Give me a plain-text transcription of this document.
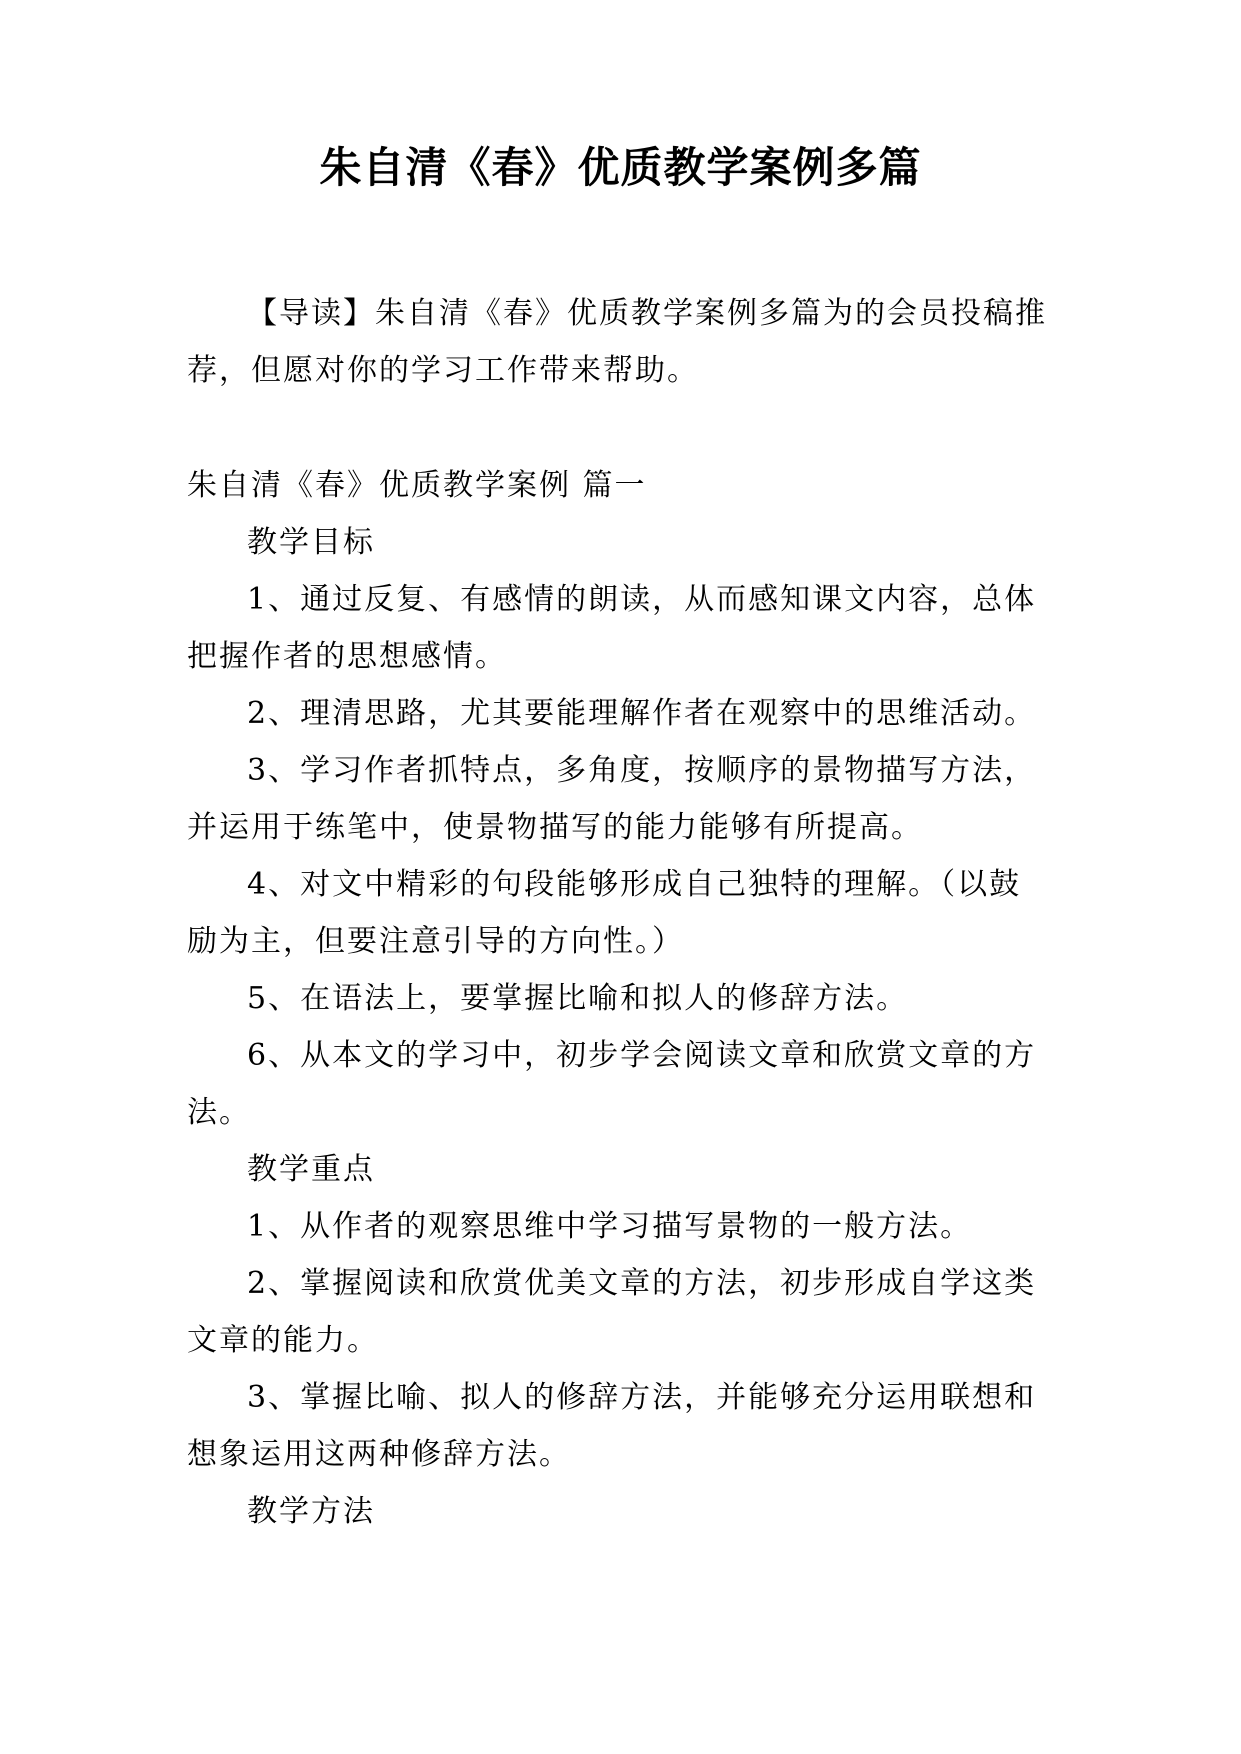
朱自清《春》优质教学案例多篇

【导读】朱自清《春》优质教学案例多篇为的会员投稿推荐，但愿对你的学习工作带来帮助。

朱自清《春》优质教学案例 篇一

教学目标

1、通过反复、有感情的朗读，从而感知课文内容，总体把握作者的思想感情。

2、理清思路，尤其要能理解作者在观察中的思维活动。

3、学习作者抓特点，多角度，按顺序的景物描写方法，并运用于练笔中，使景物描写的能力能够有所提高。

4、对文中精彩的句段能够形成自己独特的理解。（以鼓励为主，但要注意引导的方向性。）

5、在语法上，要掌握比喻和拟人的修辞方法。

6、从本文的学习中，初步学会阅读文章和欣赏文章的方法。

教学重点

1、从作者的观察思维中学习描写景物的一般方法。

2、掌握阅读和欣赏优美文章的方法，初步形成自学这类文章的能力。

3、掌握比喻、拟人的修辞方法，并能够充分运用联想和想象运用这两种修辞方法。

教学方法
